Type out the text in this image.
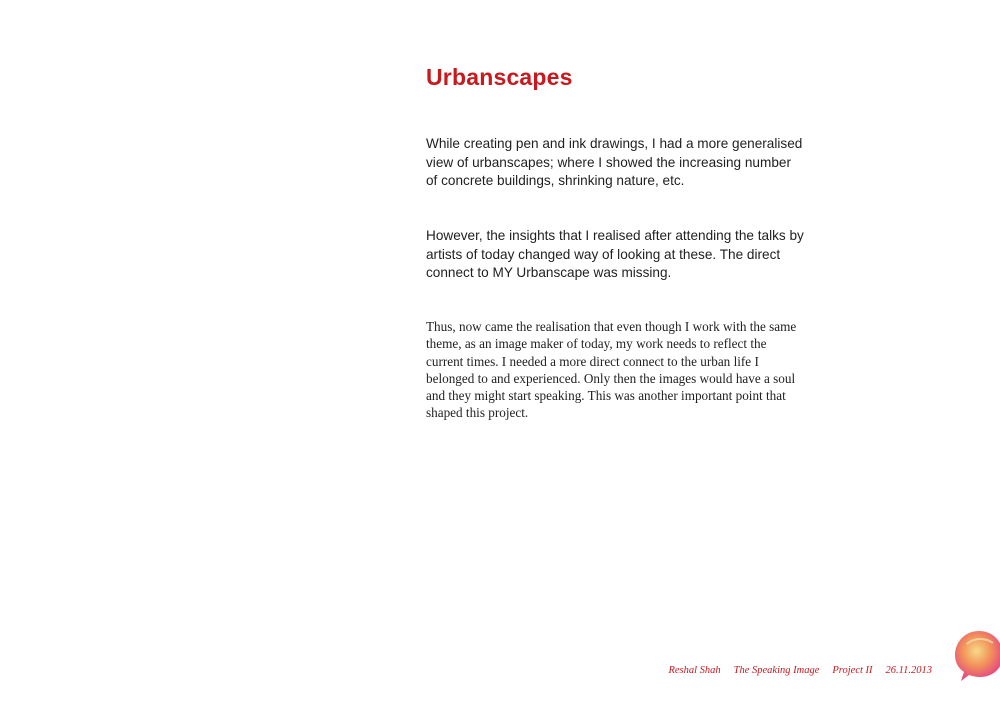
Urbanscapes

While creating pen and ink drawings, I had a more generalised view of urbanscapes; where I showed the increasing number of concrete buildings, shrinking nature, etc.

However, the insights that I realised after attending the talks by artists of today changed way of looking at these. The direct connect to MY Urbanscape was missing.

Thus, now came the realisation that even though I work with the same theme, as an image maker of today, my work needs to reflect the current times. I needed a more direct connect to the urban life I belonged to and experienced. Only then the images would have a soul and they might start speaking. This was another important point that shaped this project.

Reshal Shah The Speaking Image Project II 26.11.2013
